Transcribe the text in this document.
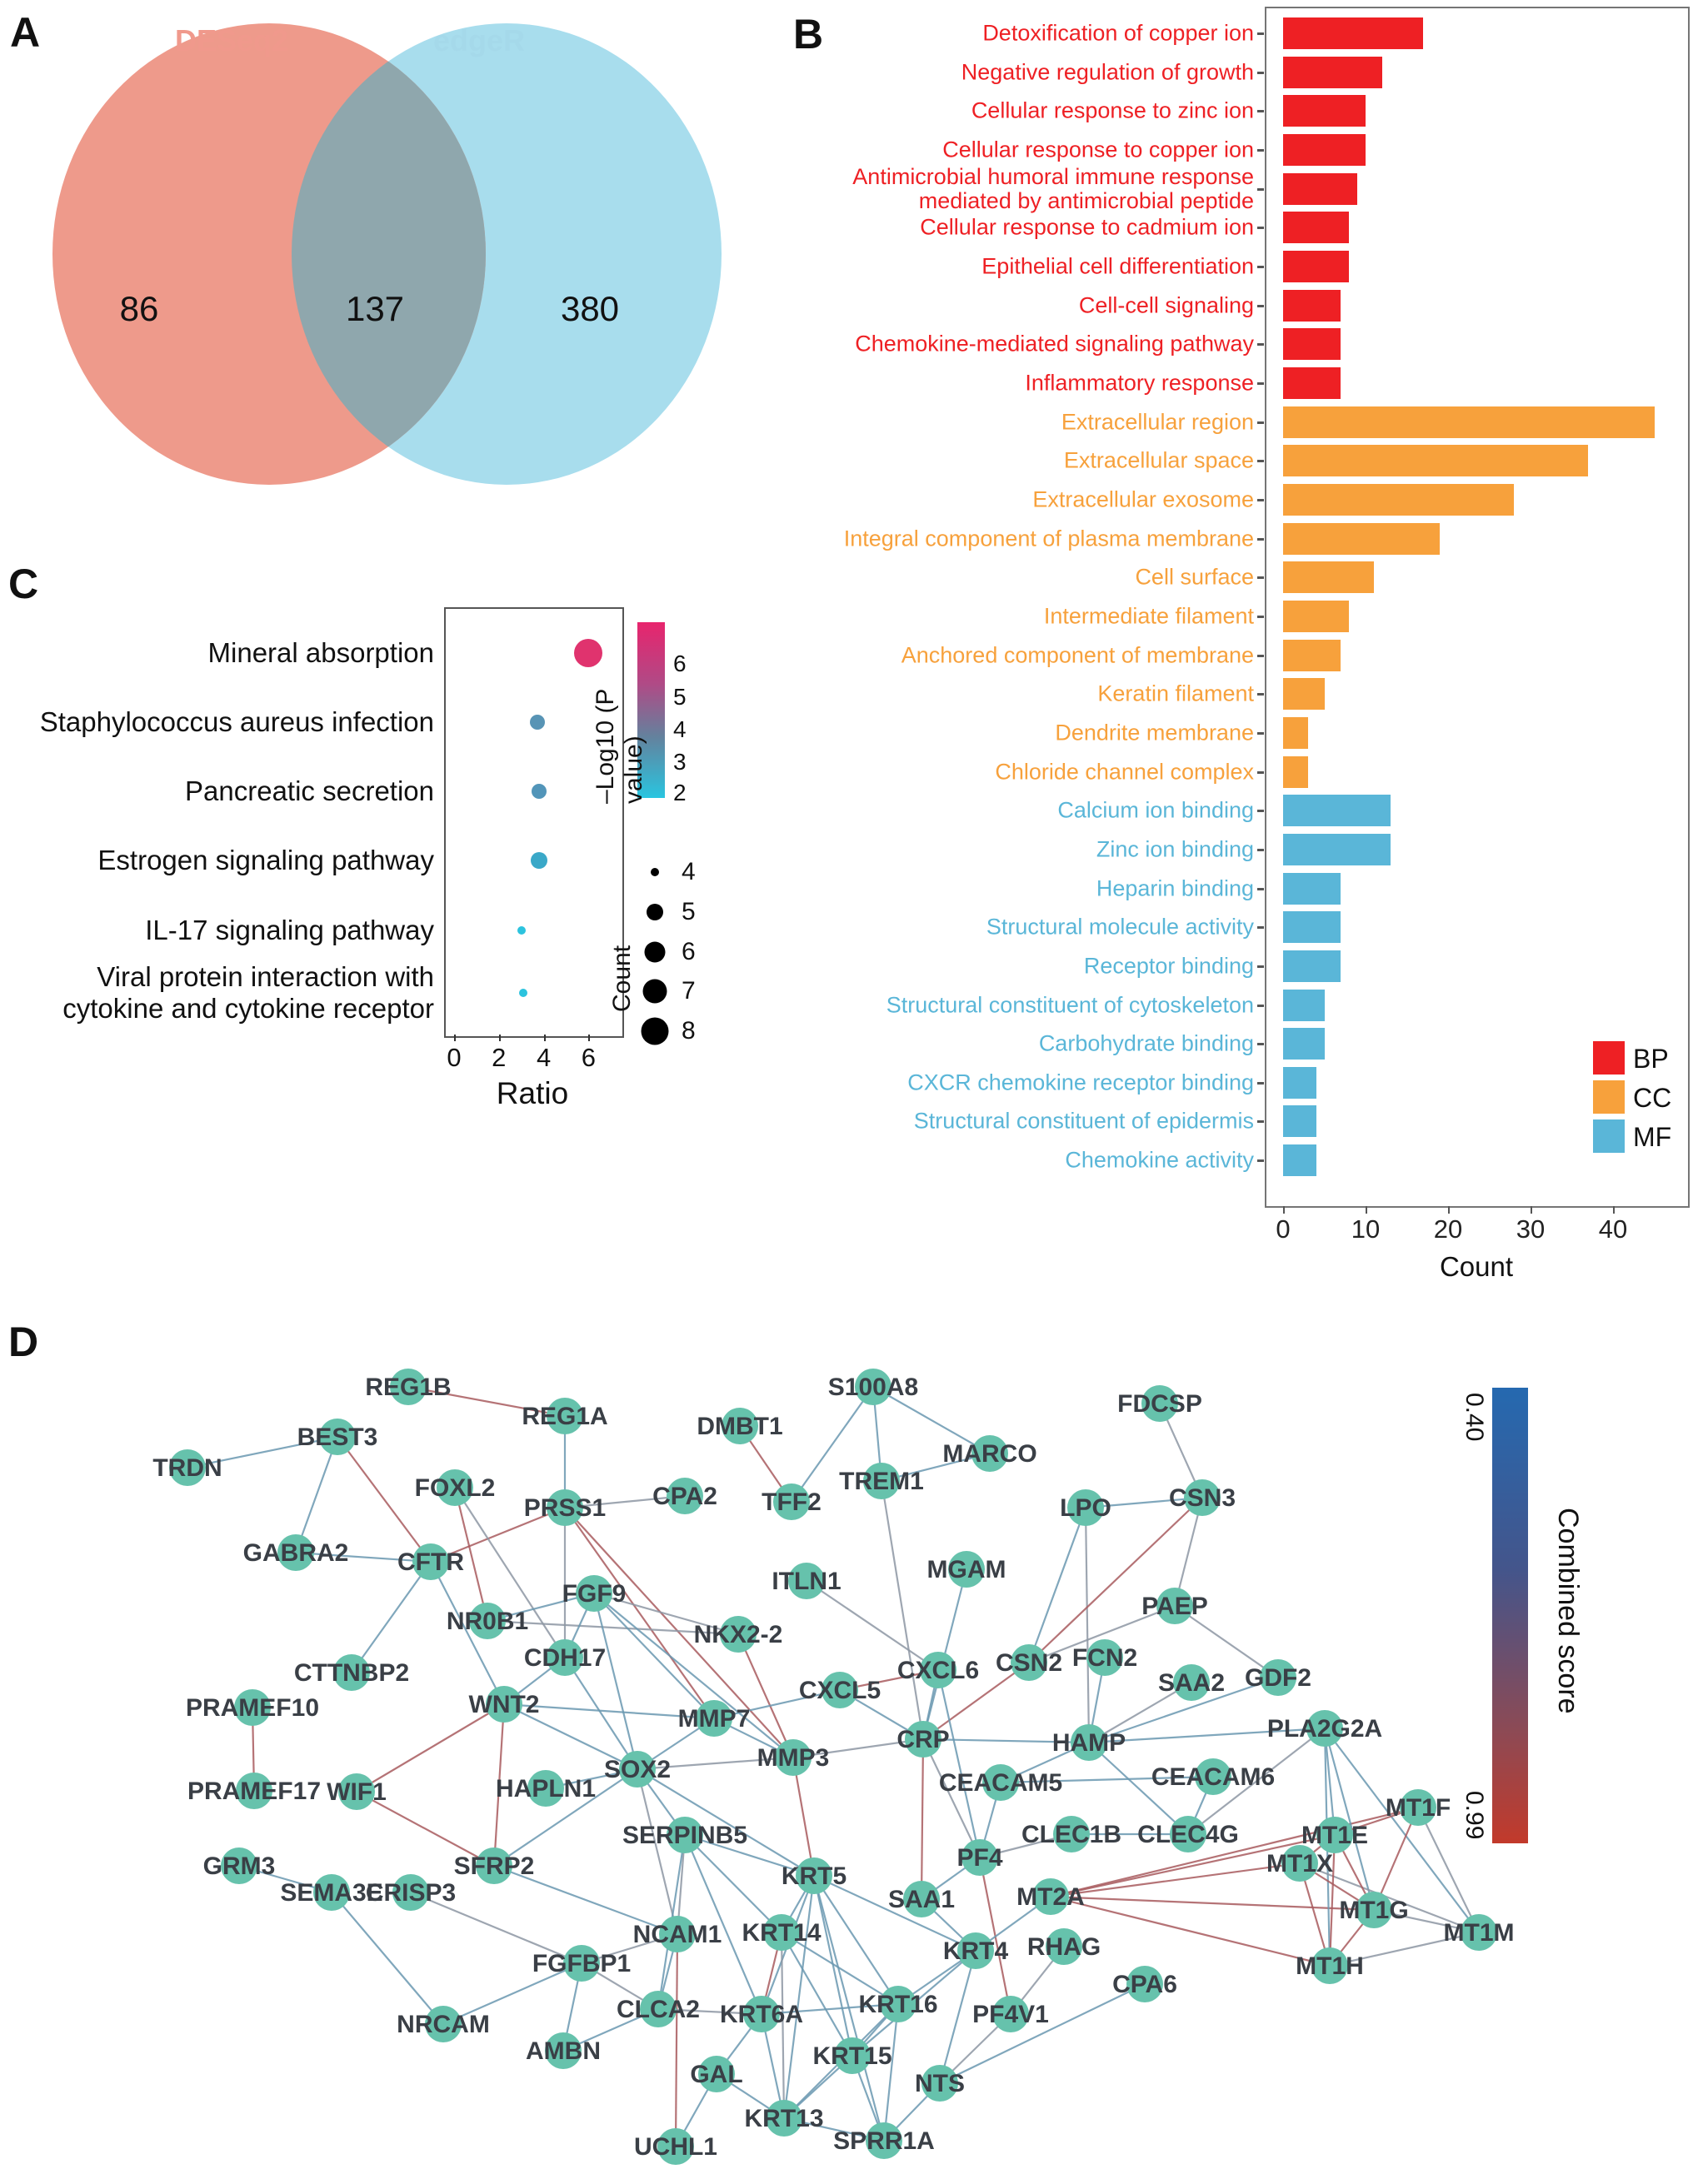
A	B
C
D
DESeq2	edgeR
86	137	380
Detoxification of copper ion
Negative regulation of growth
Cellular response to zinc ion
Cellular response to copper ion
Antimicrobial humoral immune response mediated by antimicrobial peptide
Cellular response to cadmium ion
Epithelial cell differentiation
Cell-cell signaling
Chemokine-mediated signaling pathway
Inflammatory response
Extracellular region
Extracellular space
Extracellular exosome
Integral component of plasma membrane
Cell surface
Intermediate filament
Anchored component of membrane
Keratin filament
Dendrite membrane
Chloride channel complex
Calcium ion binding
Zinc ion binding
Heparin binding
Structural molecule activity
Receptor binding
Structural constituent of cytoskeleton
Carbohydrate binding
CXCR chemokine receptor binding
Structural constituent of epidermis
Chemokine activity
0 10 20 30 40
Count
BP
CC
MF
Mineral absorption
Staphylococcus aureus infection
Pancreatic secretion
Estrogen signaling pathway
IL-17 signaling pathway
Viral protein interaction with
cytokine and cytokine receptor
0 2 4 6
Ratio
6
5
4
3
2
–Log10 (P value)
4
5
6
7
8
Count
TRDN
BEST3
REG1B
REG1A
FOXL2
PRSS1 CPA2
DMBT1
TFF2
S100A8
TREM1
MARCO
FDCSP
LPO CSN3
GABRA2 CFTR
ITLN1	MGAM
PAEP
NR0B1
FGF9
NKX2-2
CTTNBP2
CDH17	CSN2 FCN2
SAA2 GDF2
PRAMEF10	WNT2
MMP7
CXCL5
CXCL6
CRP	HAMP
PLA2G2A
PRAMEF17 WIF1	HAPLN1
SOX2	MMP3
CEACAM5	CEACAM6
MT1F
MT1E
MT1X
SFRP2
SERPINB5
GRM3
SEMA3E
CRISP3
KRT5
PF4
SAA1 MT2A
CLEC1B CLEC4G
MT1G
MT1M
MT1H
KRT14
NCAM1
KRT4 RHAG
FGFBP1
CPA6
KRT16 PF4V1
CLCA2 KRT6A
NRCAM
AMBN	KRT15
NTS
GAL
KRT13
SPRR1A
UCHL1
0.40
0.99
Combined score
